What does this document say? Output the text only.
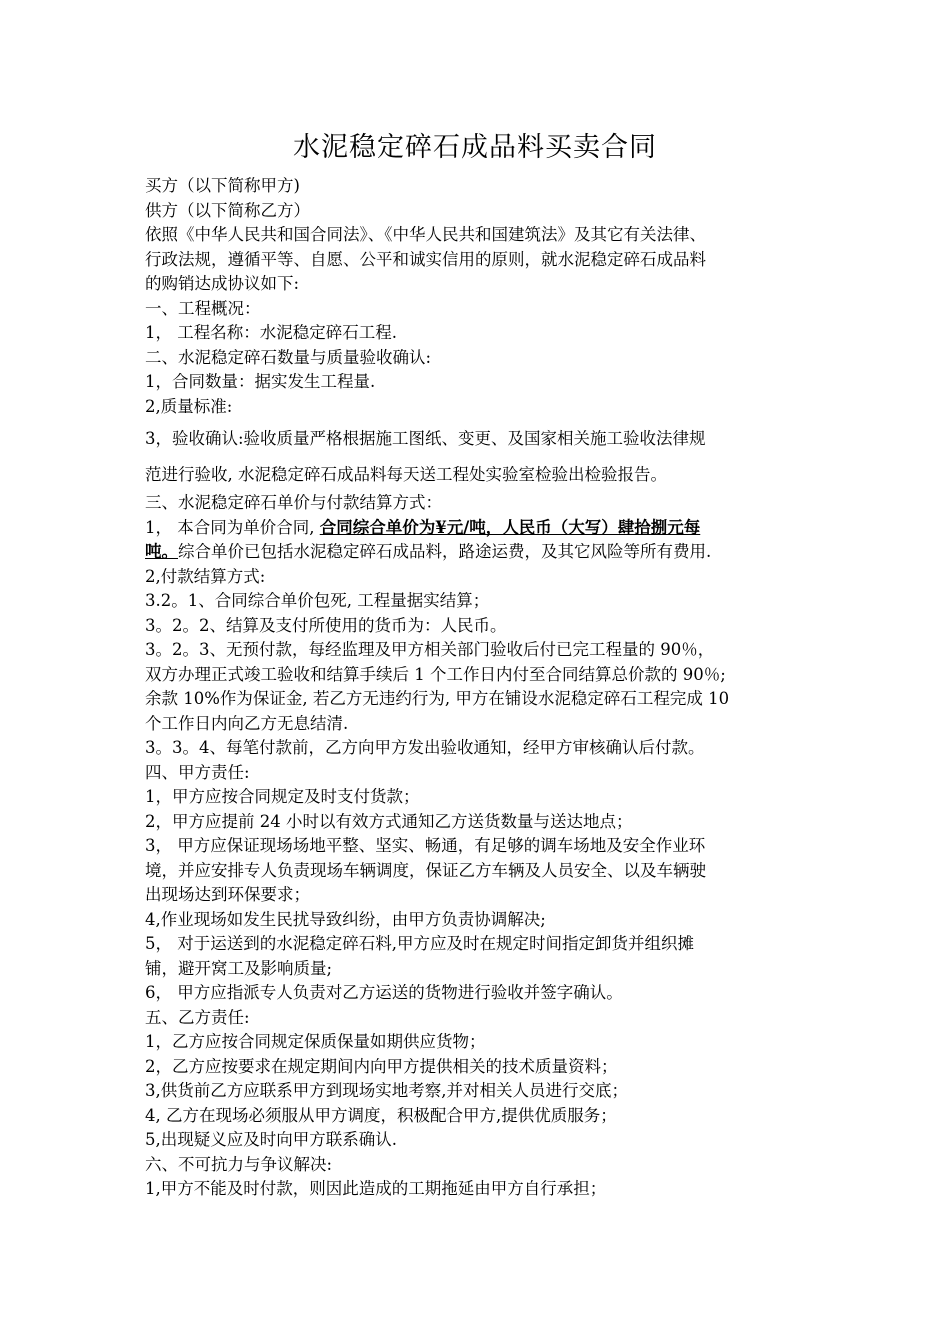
水泥稳定碎石成品料买卖合同
买方（以下简称甲方)
供方（以下简称乙方）
依照《中华人民共和国合同法》、《中华人民共和国建筑法》及其它有关法律、
行政法规，遵循平等、自愿、公平和诚实信用的原则，就水泥稳定碎石成品料
的购销达成协议如下:
一、工程概况：
1， 工程名称：水泥稳定碎石工程.
二、水泥稳定碎石数量与质量验收确认:
1，合同数量：据实发生工程量.
2,质量标准:
3，验收确认:验收质量严格根据施工图纸、变更、及国家相关施工验收法律规
范进行验收, 水泥稳定碎石成品料每天送工程处实验室检验出检验报告。
三、水泥稳定碎石单价与付款结算方式：
1， 本合同为单价合同, 合同综合单价为¥元/吨，人民币（大写）肆拾捌元每
吨。综合单价已包括水泥稳定碎石成品料，路途运费，及其它风险等所有费用.
2,付款结算方式:
3.2。1、合同综合单价包死, 工程量据实结算；
3。2。2、结算及支付所使用的货币为：人民币。
3。2。3、无预付款，每经监理及甲方相关部门验收后付已完工程量的 90％，
双方办理正式竣工验收和结算手续后 1 个工作日内付至合同结算总价款的 90％;
余款 10%作为保证金, 若乙方无违约行为, 甲方在铺设水泥稳定碎石工程完成 10
个工作日内向乙方无息结清.
3。3。4、每笔付款前，乙方向甲方发出验收通知，经甲方审核确认后付款。
四、甲方责任:
1，甲方应按合同规定及时支付货款；
2，甲方应提前 24 小时以有效方式通知乙方送货数量与送达地点；
3， 甲方应保证现场场地平整、坚实、畅通，有足够的调车场地及安全作业环
境，并应安排专人负责现场车辆调度，保证乙方车辆及人员安全、以及车辆驶
出现场达到环保要求；
4,作业现场如发生民扰导致纠纷，由甲方负责协调解决;
5， 对于运送到的水泥稳定碎石料,甲方应及时在规定时间指定卸货并组织摊
铺，避开窝工及影响质量;
6， 甲方应指派专人负责对乙方运送的货物进行验收并签字确认。
五、乙方责任:
1，乙方应按合同规定保质保量如期供应货物；
2，乙方应按要求在规定期间内向甲方提供相关的技术质量资料；
3,供货前乙方应联系甲方到现场实地考察,并对相关人员进行交底；
4, 乙方在现场必须服从甲方调度，积极配合甲方,提供优质服务；
5,出现疑义应及时向甲方联系确认.
六、不可抗力与争议解决:
1,甲方不能及时付款，则因此造成的工期拖延由甲方自行承担；
